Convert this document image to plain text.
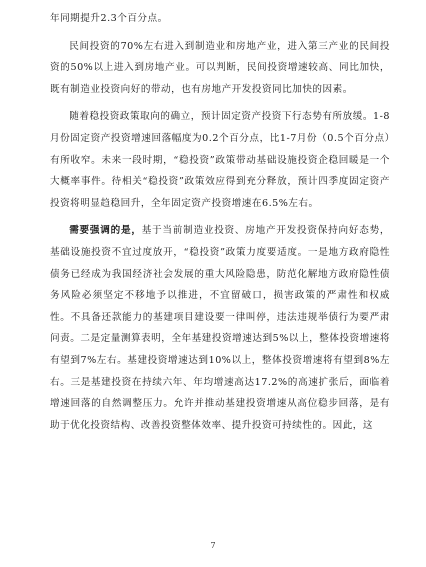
年同期提升2.3个百分点。

民间投资的70%左右进入到制造业和房地产业，进入第三产业的民间投资的50%以上进入到房地产业。可以判断，民间投资增速较高、同比加快，既有制造业投资向好的带动，也有房地产开发投资同比加快的因素。

随着稳投资政策取向的确立，预计固定资产投资下行态势有所放缓。1-8月份固定资产投资增速回落幅度为0.2个百分点，比1-7月份（0.5个百分点）有所收窄。未来一段时期，“稳投资”政策带动基础设施投资企稳回暖是一个大概率事件。待相关“稳投资”政策效应得到充分释放，预计四季度固定资产投资将明显趋稳回升，全年固定资产投资增速在6.5%左右。

需要强调的是，基于当前制造业投资、房地产开发投资保持向好态势，基础设施投资不宜过度放开，“稳投资”政策力度要适度。一是地方政府隐性债务已经成为我国经济社会发展的重大风险隐患，防范化解地方政府隐性债务风险必须坚定不移地予以推进，不宜留破口，损害政策的严肃性和权威性。不具备还款能力的基建项目建设要一律叫停，违法违规举债行为要严肃问责。二是定量测算表明，全年基建投资增速达到5%以上，整体投资增速将有望到7%左右。基建投资增速达到10%以上，整体投资增速将有望到8%左右。三是基建投资在持续六年、年均增速高达17.2%的高速扩张后，面临着增速回落的自然调整压力。允许并推动基建投资增速从高位稳步回落，是有助于优化投资结构、改善投资整体效率、提升投资可持续性的。因此，这

7
